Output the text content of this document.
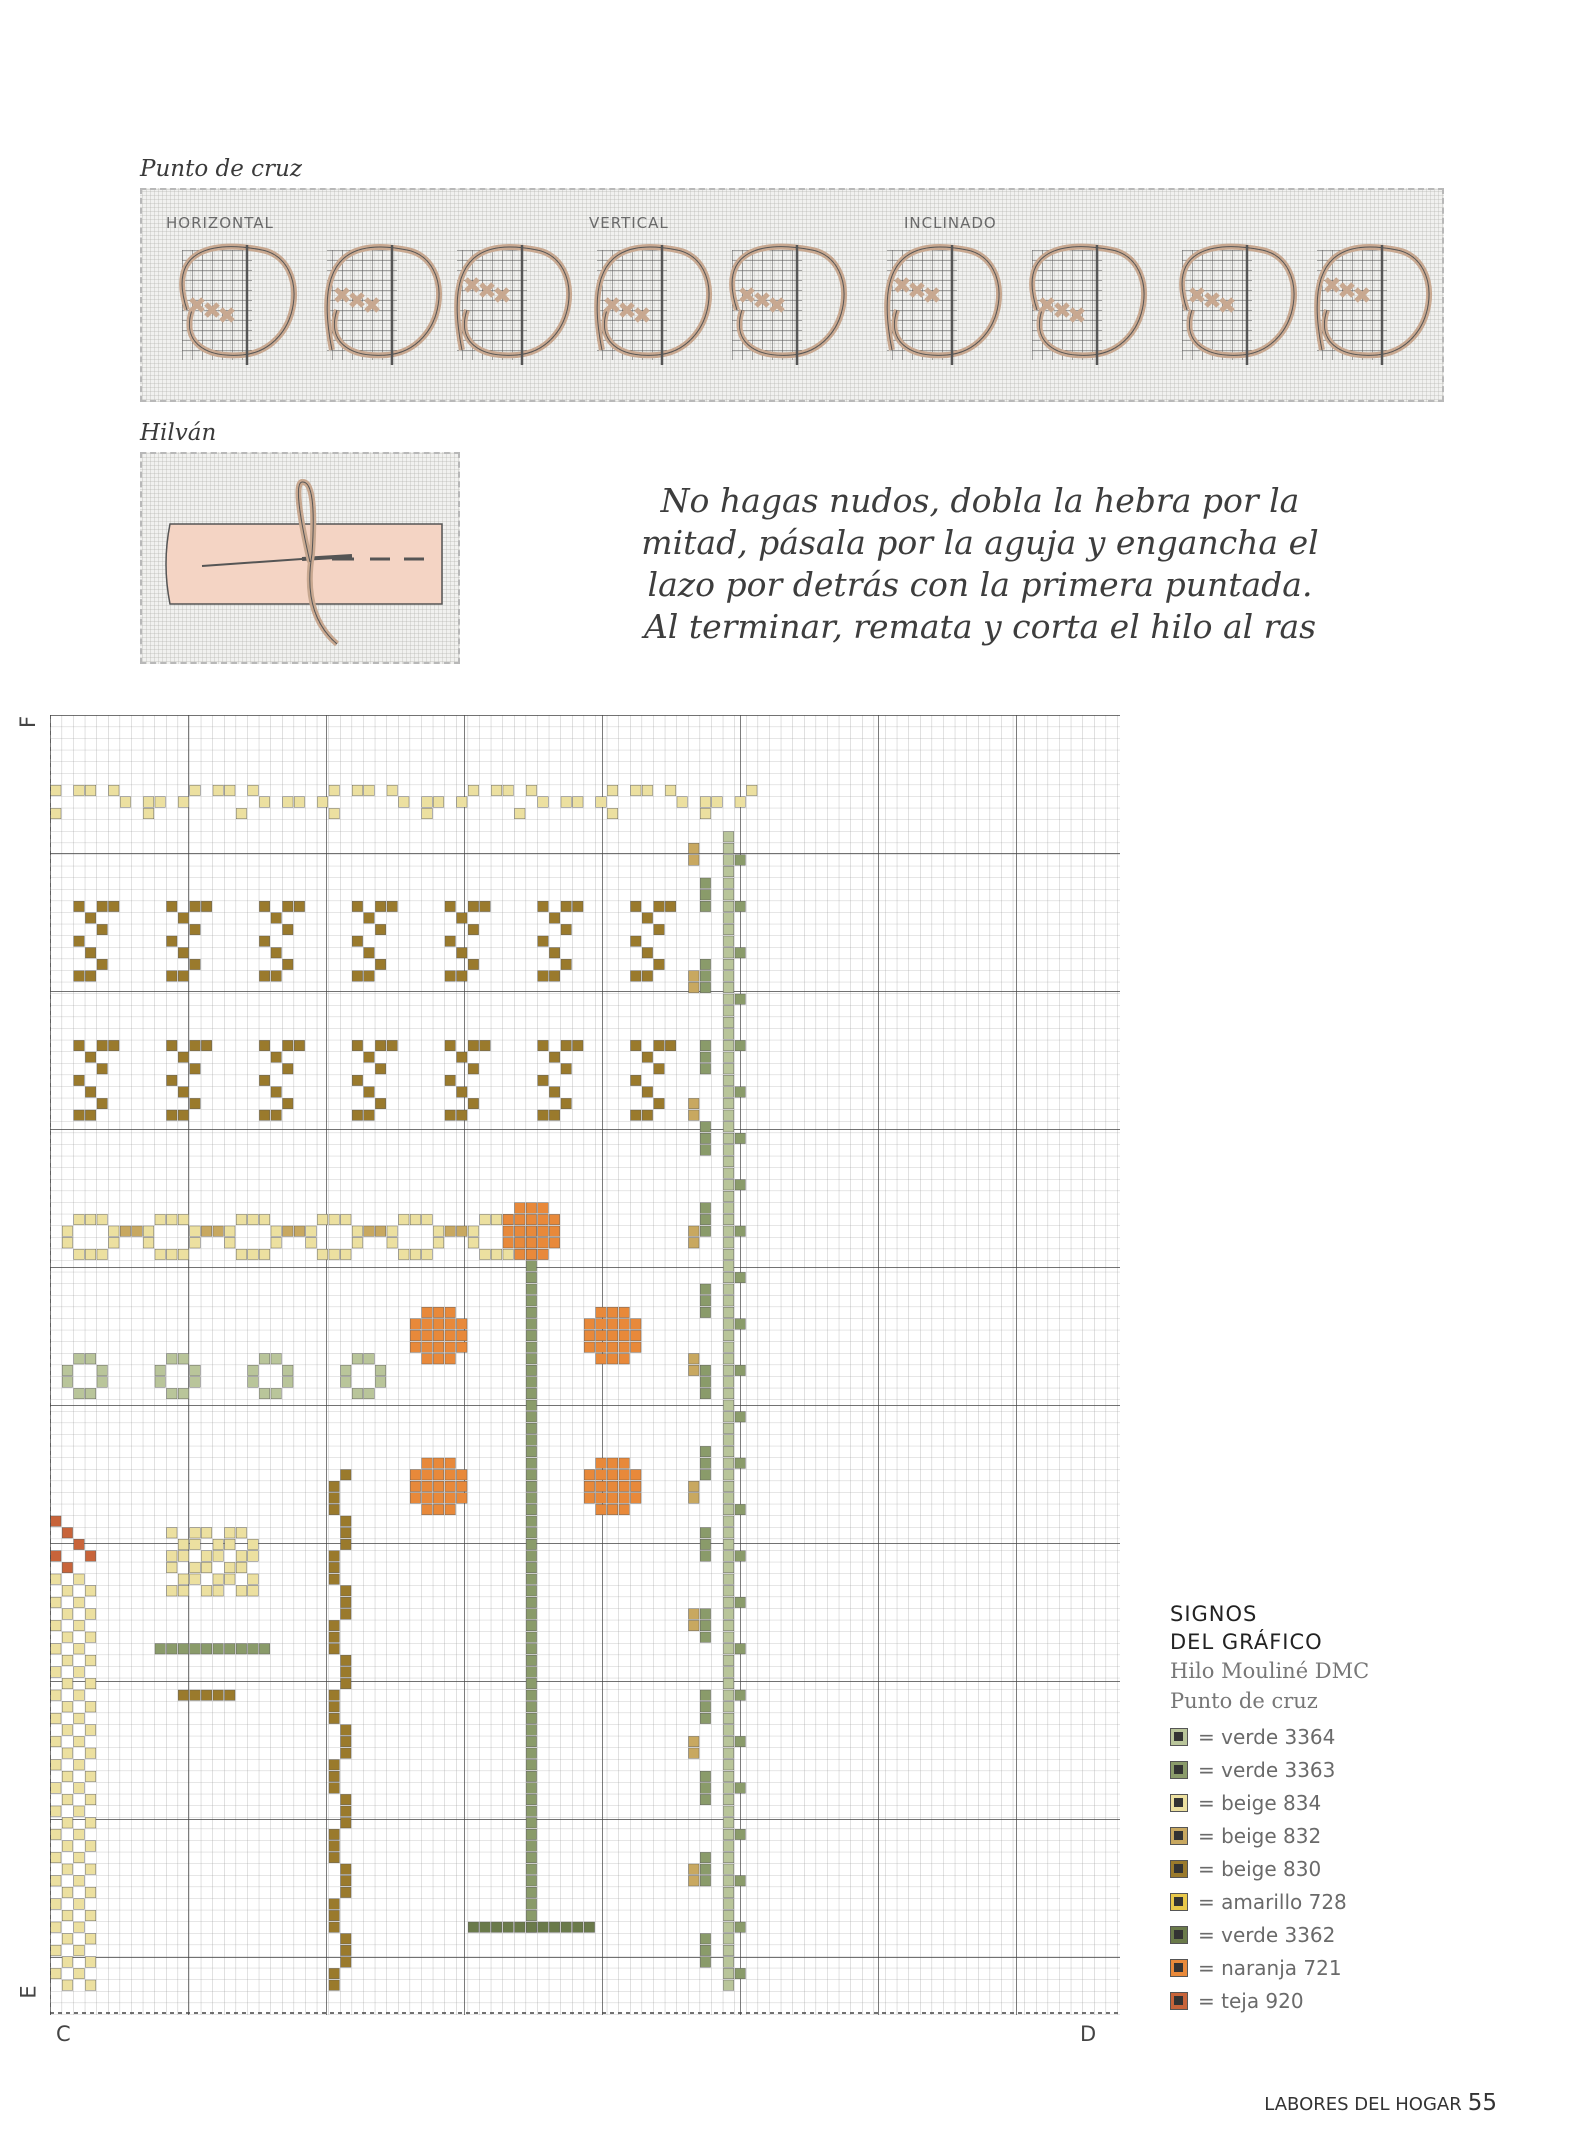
Punto de cruz
HORIZONTAL	VERTICAL	INCLINADO
Hilván
No hagas nudos, dobla la hebra por la mitad, pásala por la aguja y engancha el lazo por detrás con la primera puntada. Al terminar, remata y corta el hilo al ras
F
E
C	D
SIGNOS
DEL GRÁFICO
Hilo Mouliné DMC
Punto de cruz
= verde 3364
= verde 3363
= beige 834
= beige 832
= beige 830
= amarillo 728
= verde 3362
= naranja 721
= teja 920
LABORES DEL HOGAR 55
